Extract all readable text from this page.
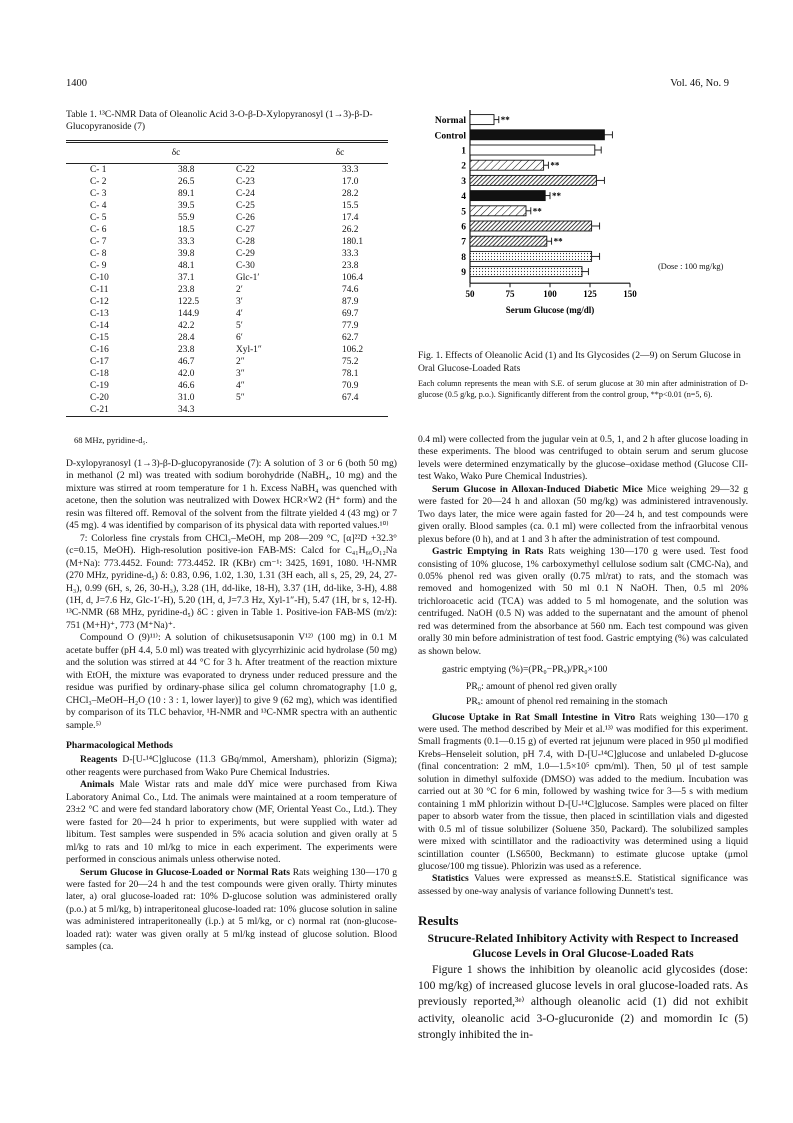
1400	Vol. 46, No. 9
Table 1. ¹³C-NMR Data of Oleanolic Acid 3-O-β-D-Xylopyranosyl (1→3)-β-D-Glucopyranoside (7)
	δc		δc
C- 1	38.8	C-22	33.3
C- 2	26.5	C-23	17.0
C- 3	89.1	C-24	28.2
C- 4	39.5	C-25	15.5
C- 5	55.9	C-26	17.4
C- 6	18.5	C-27	26.2
C- 7	33.3	C-28	180.1
C- 8	39.8	C-29	33.3
C- 9	48.1	C-30	23.8
C-10	37.1	Glc-1′	106.4
C-11	23.8	2′	74.6
C-12	122.5	3′	87.9
C-13	144.9	4′	69.7
C-14	42.2	5′	77.9
C-15	28.4	6′	62.7
C-16	23.8	Xyl-1″	106.2
C-17	46.7	2″	75.2
C-18	42.0	3″	78.1
C-19	46.6	4″	70.9
C-20	31.0	5″	67.4
C-21	34.3		
68 MHz, pyridine-d₅.
Normal	**
Control
1
2	**
3
4	**
5	**
6
7	**
8
9
50	75	100	125	150
Serum Glucose (mg/dl)
(Dose : 100 mg/kg)
Fig. 1. Effects of Oleanolic Acid (1) and Its Glycosides (2—9) on Serum Glucose in Oral Glucose-Loaded Rats
Each column represents the mean with S.E. of serum glucose at 30 min after administration of D-glucose (0.5 g/kg, p.o.). Significantly different from the control group, **p<0.01 (n=5, 6).

D-xylopyranosyl (1→3)-β-D-glucopyranoside (7): A solution of 3 or 6 (both 50 mg) in methanol (2 ml) was treated with sodium borohydride (NaBH₄, 10 mg) and the mixture was stirred at room temperature for 1 h. Excess NaBH₄ was quenched with acetone, then the solution was neutralized with Dowex HCR×W2 (H⁺ form) and the resin was filtered off. Removal of the solvent from the filtrate yielded 4 (43 mg) or 7 (45 mg). 4 was identified by comparison of its physical data with reported values.¹⁰⁾

7: Colorless fine crystals from CHCl₃–MeOH, mp 208—209 °C, [α]²²D +32.3° (c=0.15, MeOH). High-resolution positive-ion FAB-MS: Calcd for C₄₁H₆₆O₁₂Na (M+Na): 773.4452. Found: 773.4452. IR (KBr) cm⁻¹: 3425, 1691, 1080. ¹H-NMR (270 MHz, pyridine-d₅) δ: 0.83, 0.96, 1.02, 1.30, 1.31 (3H each, all s, 25, 29, 24, 27-H₃), 0.99 (6H, s, 26, 30-H₃), 3.28 (1H, dd-like, 18-H), 3.37 (1H, dd-like, 3-H), 4.88 (1H, d, J=7.6 Hz, Glc-1′-H), 5.20 (1H, d, J=7.3 Hz, Xyl-1″-H), 5.47 (1H, br s, 12-H). ¹³C-NMR (68 MHz, pyridine-d₅) δC : given in Table 1. Positive-ion FAB-MS (m/z): 751 (M+H)⁺, 773 (M⁺Na)⁺.

Compound O (9)¹¹⁾: A solution of chikusetsusaponin V¹²⁾ (100 mg) in 0.1 M acetate buffer (pH 4.4, 5.0 ml) was treated with glycyrrhizinic acid hydrolase (50 mg) and the solution was stirred at 44 °C for 3 h. After treatment of the reaction mixture with EtOH, the mixture was evaporated to dryness under reduced pressure and the residue was purified by ordinary-phase silica gel column chromatography [1.0 g, CHCl₃–MeOH–H₂O (10 : 3 : 1, lower layer)] to give 9 (62 mg), which was identified by comparison of its TLC behavior, ¹H-NMR and ¹³C-NMR spectra with an authentic sample.⁵⁾

Pharmacological Methods

Reagents D-[U-¹⁴C]glucose (11.3 GBq/mmol, Amersham), phlorizin (Sigma); other reagents were purchased from Wako Pure Chemical Industries.

Animals Male Wistar rats and male ddY mice were purchased from Kiwa Laboratory Animal Co., Ltd. The animals were maintained at a room temperature of 23±2 °C and were fed standard laboratory chow (MF, Oriental Yeast Co., Ltd.). They were fasted for 20—24 h prior to experiments, but were supplied with water ad libitum. Test samples were suspended in 5% acacia solution and given orally at 5 ml/kg to rats and 10 ml/kg to mice in each experiment. The experiments were performed in conscious animals unless otherwise noted.

Serum Glucose in Glucose-Loaded or Normal Rats Rats weighing 130—170 g were fasted for 20—24 h and the test compounds were given orally. Thirty minutes later, a) oral glucose-loaded rat: 10% D-glucose solution was administered orally (p.o.) at 5 ml/kg, b) intraperitoneal glucose-loaded rat: 10% glucose solution in saline was administered intraperitoneally (i.p.) at 5 ml/kg, or c) normal rat (non-glucose-loaded rat): water was given orally at 5 ml/kg instead of glucose solution. Blood samples (ca.

0.4 ml) were collected from the jugular vein at 0.5, 1, and 2 h after glucose loading in these experiments. The blood was centrifuged to obtain serum and serum glucose levels were determined enzymatically by the glucose–oxidase method (Glucose CII-test Wako, Wako Pure Chemical Industries).

Serum Glucose in Alloxan-Induced Diabetic Mice Mice weighing 29—32 g were fasted for 20—24 h and alloxan (50 mg/kg) was administered intravenously. Two days later, the mice were again fasted for 20—24 h, and test compounds were given orally. Blood samples (ca. 0.1 ml) were collected from the infraorbital venous plexus before (0 h), and at 1 and 3 h after the administration of test compound.

Gastric Emptying in Rats Rats weighing 130—170 g were used. Test food consisting of 10% glucose, 1% carboxymethyl cellulose sodium salt (CMC-Na), and 0.05% phenol red was given orally (0.75 ml/rat) to rats, and the stomach was removed and homogenized with 50 ml 0.1 N NaOH. Then, 0.5 ml 20% trichloroacetic acid (TCA) was added to 5 ml homogenate, and the solution was centrifuged. NaOH (0.5 N) was added to the supernatant and the amount of phenol red was determined from the absorbance at 560 nm. Each test compound was given orally 30 min before administration of test food. Gastric emptying (%) was calculated as shown below.

gastric emptying (%)=(PR₀−PRₓ)/PR₀×100

PR₀: amount of phenol red given orally

PRₓ: amount of phenol red remaining in the stomach

Glucose Uptake in Rat Small Intestine in Vitro Rats weighing 130—170 g were used. The method described by Meir et al.¹³⁾ was modified for this experiment. Small fragments (0.1—0.15 g) of everted rat jejunum were placed in 950 μl modified Krebs–Henseleit solution, pH 7.4, with D-[U-¹⁴C]glucose and unlabeled D-glucose (final concentration: 2 mM, 1.0—1.5×10⁵ cpm/ml). Then, 50 μl of test sample solution in dimethyl sulfoxide (DMSO) was added to the medium. Incubation was carried out at 30 °C for 6 min, followed by washing twice for 3—5 s with medium containing 1 mM phlorizin without D-[U-¹⁴C]glucose. Samples were placed on filter paper to absorb water from the tissue, then placed in scintillation vials and digested with 0.5 ml of tissue solubilizer (Soluene 350, Packard). The solubilized samples were mixed with scintillator and the radioactivity was determined using a liquid scintillation counter (LS6500, Beckmann) to estimate glucose uptake (μmol glucose/100 mg tissue). Phlorizin was used as a reference.

Statistics Values were expressed as means±S.E. Statistical significance was assessed by one-way analysis of variance following Dunnett's test.

Results
Strucure-Related Inhibitory Activity with Respect to Increased Glucose Levels in Oral Glucose-Loaded Rats

Figure 1 shows the inhibition by oleanolic acid glycosides (dose: 100 mg/kg) of increased glucose levels in oral glucose-loaded rats. As previously reported,³ᵉ⁾ although oleanolic acid (1) did not exhibit activity, oleanolic acid 3-O-glucuronide (2) and momordin Ic (5) strongly inhibited the in-
